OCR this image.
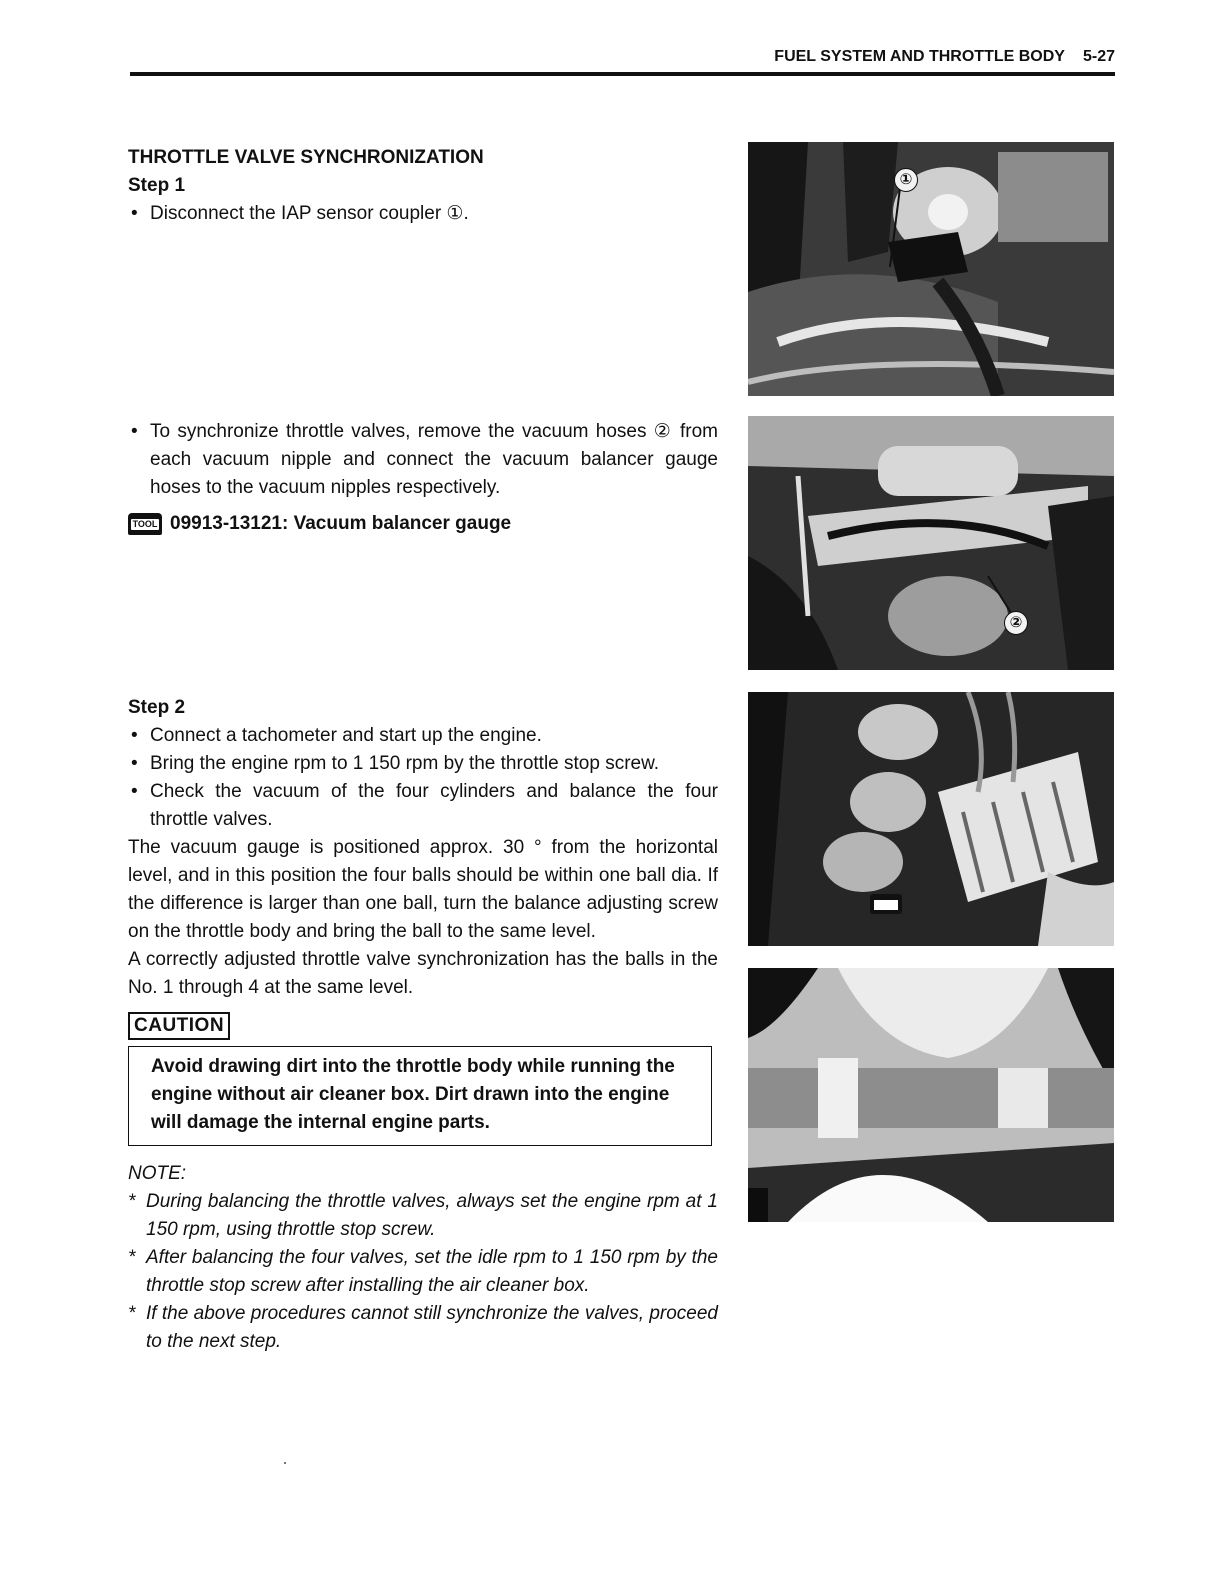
FUEL SYSTEM AND THROTTLE BODY 5-27
THROTTLE VALVE SYNCHRONIZATION
Step 1
• Disconnect the IAP sensor coupler ①.
• To synchronize throttle valves, remove the vacuum hoses ② from each vacuum nipple and connect the vacuum balancer gauge hoses to the vacuum nipples respectively.
TOOL 09913-13121: Vacuum balancer gauge
Step 2
• Connect a tachometer and start up the engine.
• Bring the engine rpm to 1 150 rpm by the throttle stop screw.
• Check the vacuum of the four cylinders and balance the four throttle valves.
The vacuum gauge is positioned approx. 30 ° from the horizontal level, and in this position the four balls should be within one ball dia. If the difference is larger than one ball, turn the balance adjusting screw on the throttle body and bring the ball to the same level.
A correctly adjusted throttle valve synchronization has the balls in the No. 1 through 4 at the same level.
CAUTION
Avoid drawing dirt into the throttle body while running the engine without air cleaner box. Dirt drawn into the engine will damage the internal engine parts.
NOTE:
* During balancing the throttle valves, always set the engine rpm at 1 150 rpm, using throttle stop screw.
* After balancing the four valves, set the idle rpm to 1 150 rpm by the throttle stop screw after installing the air cleaner box.
* If the above procedures cannot still synchronize the valves, proceed to the next step.
①
②
